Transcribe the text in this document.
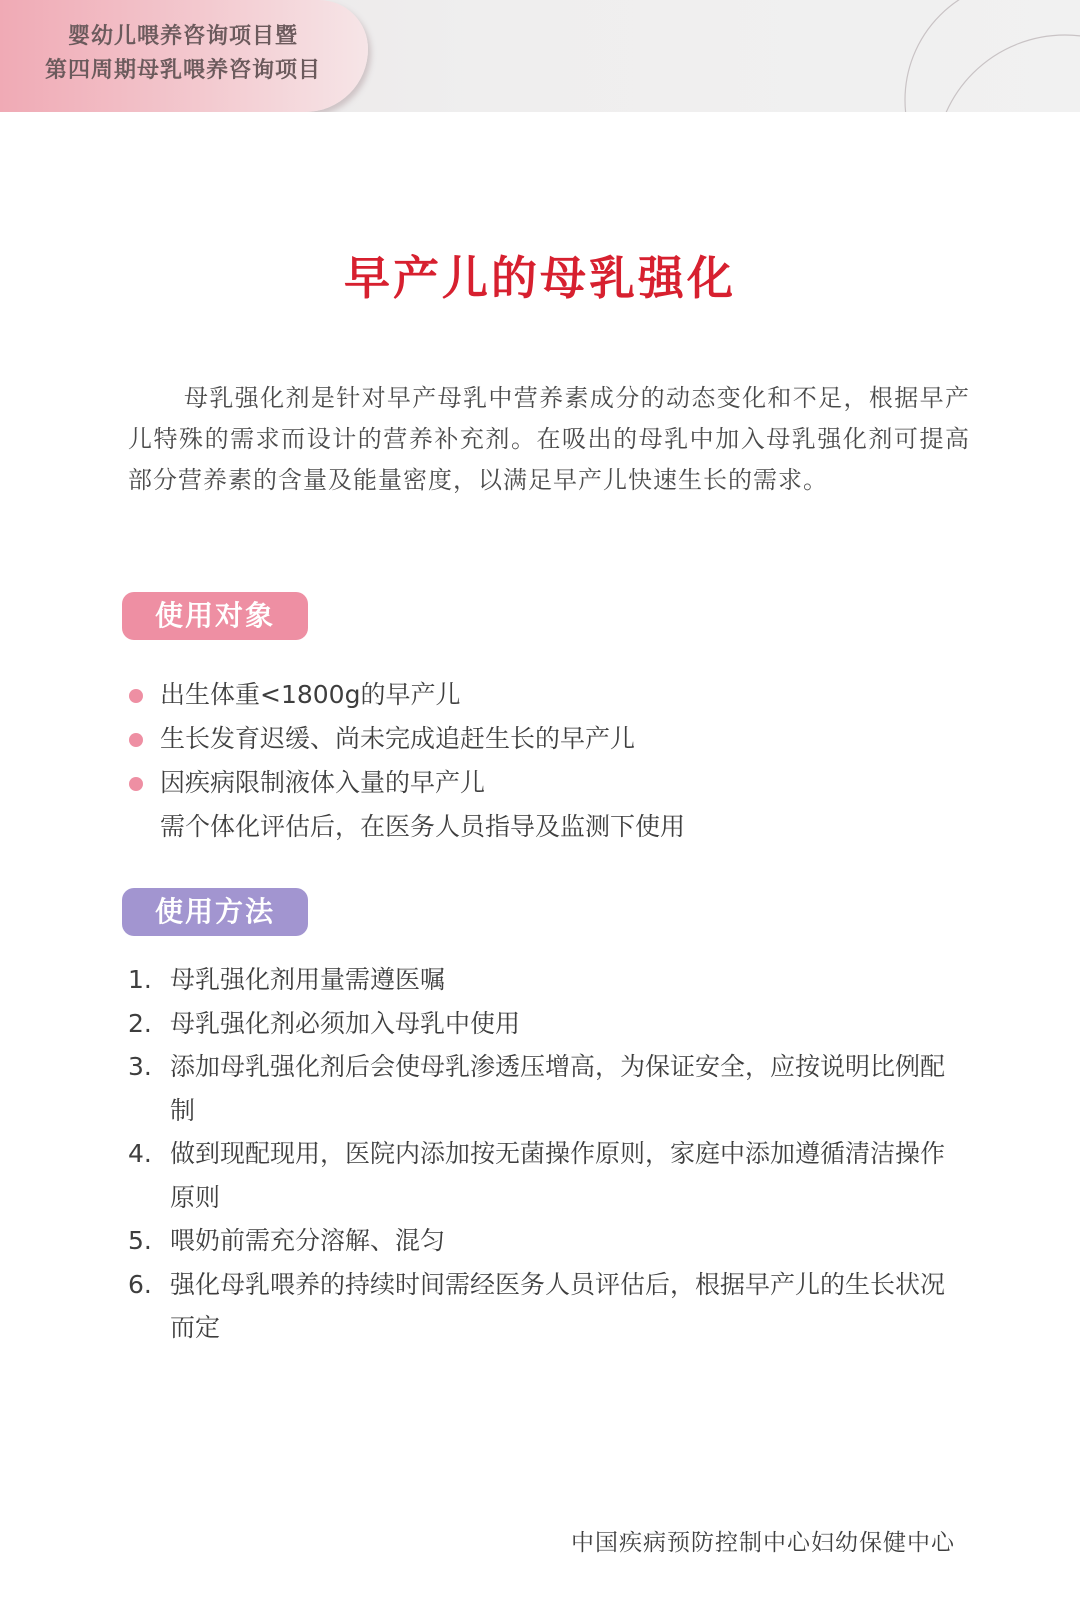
婴幼儿喂养咨询项目暨
第四周期母乳喂养咨询项目
早产儿的母乳强化

母乳强化剂是针对早产母乳中营养素成分的动态变化和不足，根据早产儿特殊的需求而设计的营养补充剂。在吸出的母乳中加入母乳强化剂可提高部分营养素的含量及能量密度，以满足早产儿快速生长的需求。

使用对象
出生体重<1800g的早产儿
生长发育迟缓、尚未完成追赶生长的早产儿
因疾病限制液体入量的早产儿
需个体化评估后，在医务人员指导及监测下使用
使用方法
1. 母乳强化剂用量需遵医嘱
2. 母乳强化剂必须加入母乳中使用
3. 添加母乳强化剂后会使母乳渗透压增高，为保证安全，应按说明比例配制
4. 做到现配现用，医院内添加按无菌操作原则，家庭中添加遵循清洁操作原则
5. 喂奶前需充分溶解、混匀
6. 强化母乳喂养的持续时间需经医务人员评估后，根据早产儿的生长状况而定
中国疾病预防控制中心妇幼保健中心
